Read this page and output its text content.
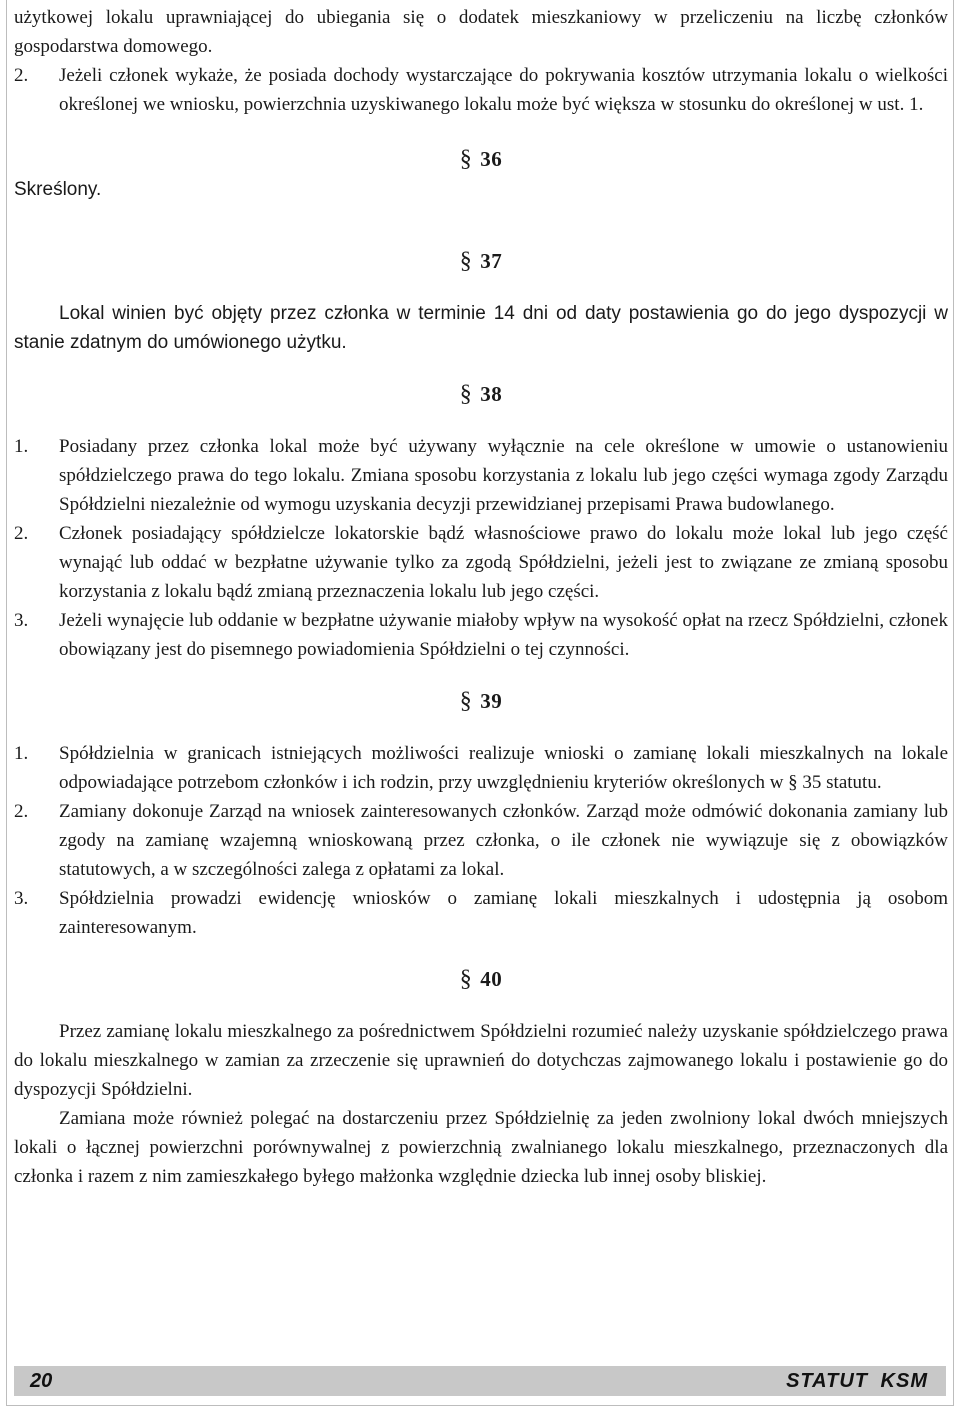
użytkowej lokalu uprawniającej do ubiegania się o dodatek mieszkaniowy w przeliczeniu na liczbę członków gospodarstwa domowego.

2.	Jeżeli członek wykaże, że posiada dochody wystarczające do pokrywania kosztów utrzymania lokalu o wielkości określonej we wniosku, powierzchnia uzyskiwanego lokalu może być większa w stosunku do określonej w ust. 1.
§ 36
Skreślony.
§ 37

Lokal winien być objęty przez członka w terminie 14 dni od daty postawienia go do jego dyspozycji w stanie zdatnym do umówionego użytku.

§ 38
1.	Posiadany przez członka lokal może być używany wyłącznie na cele określone w umowie o ustanowieniu spółdzielczego prawa do tego lokalu. Zmiana sposobu korzystania z lokalu lub jego części wymaga zgody Zarządu Spółdzielni niezależnie od wymogu uzyskania decyzji przewidzianej przepisami Prawa budowlanego.
2.	Członek posiadający spółdzielcze lokatorskie bądź własnościowe prawo do lokalu może lokal lub jego część wynająć lub oddać w bezpłatne używanie tylko za zgodą Spółdzielni, jeżeli jest to związane ze zmianą sposobu korzystania z lokalu bądź zmianą przeznaczenia lokalu lub jego części.
3.	Jeżeli wynajęcie lub oddanie w bezpłatne używanie miałoby wpływ na wysokość opłat na rzecz Spółdzielni, członek obowiązany jest do pisemnego powiadomienia Spółdzielni o tej czynności.
§ 39
1.	Spółdzielnia w granicach istniejących możliwości realizuje wnioski o zamianę lokali mieszkalnych na lokale odpowiadające potrzebom członków i ich rodzin, przy uwzględnieniu kryteriów określonych w § 35 statutu.
2.	Zamiany dokonuje Zarząd na wniosek zainteresowanych członków. Zarząd może odmówić dokonania zamiany lub zgody na zamianę wzajemną wnioskowaną przez członka, o ile członek nie wywiązuje się z obowiązków statutowych, a w szczególności zalega z opłatami za lokal.
3.	Spółdzielnia prowadzi ewidencję wniosków o zamianę lokali mieszkalnych i udostępnia ją osobom zainteresowanym.
§ 40

Przez zamianę lokalu mieszkalnego za pośrednictwem Spółdzielni rozumieć należy uzyskanie spółdzielczego prawa do lokalu mieszkalnego w zamian za zrzeczenie się uprawnień do dotychczas zajmowanego lokalu i postawienie go do dyspozycji Spółdzielni.

Zamiana może również polegać na dostarczeniu przez Spółdzielnię za jeden zwolniony lokal dwóch mniejszych lokali o łącznej powierzchni porównywalnej z powierzchnią zwalnianego lokalu mieszkalnego, przeznaczonych dla członka i razem z nim zamieszkałego byłego małżonka względnie dziecka lub innej osoby bliskiej.

20	STATUT KSM
